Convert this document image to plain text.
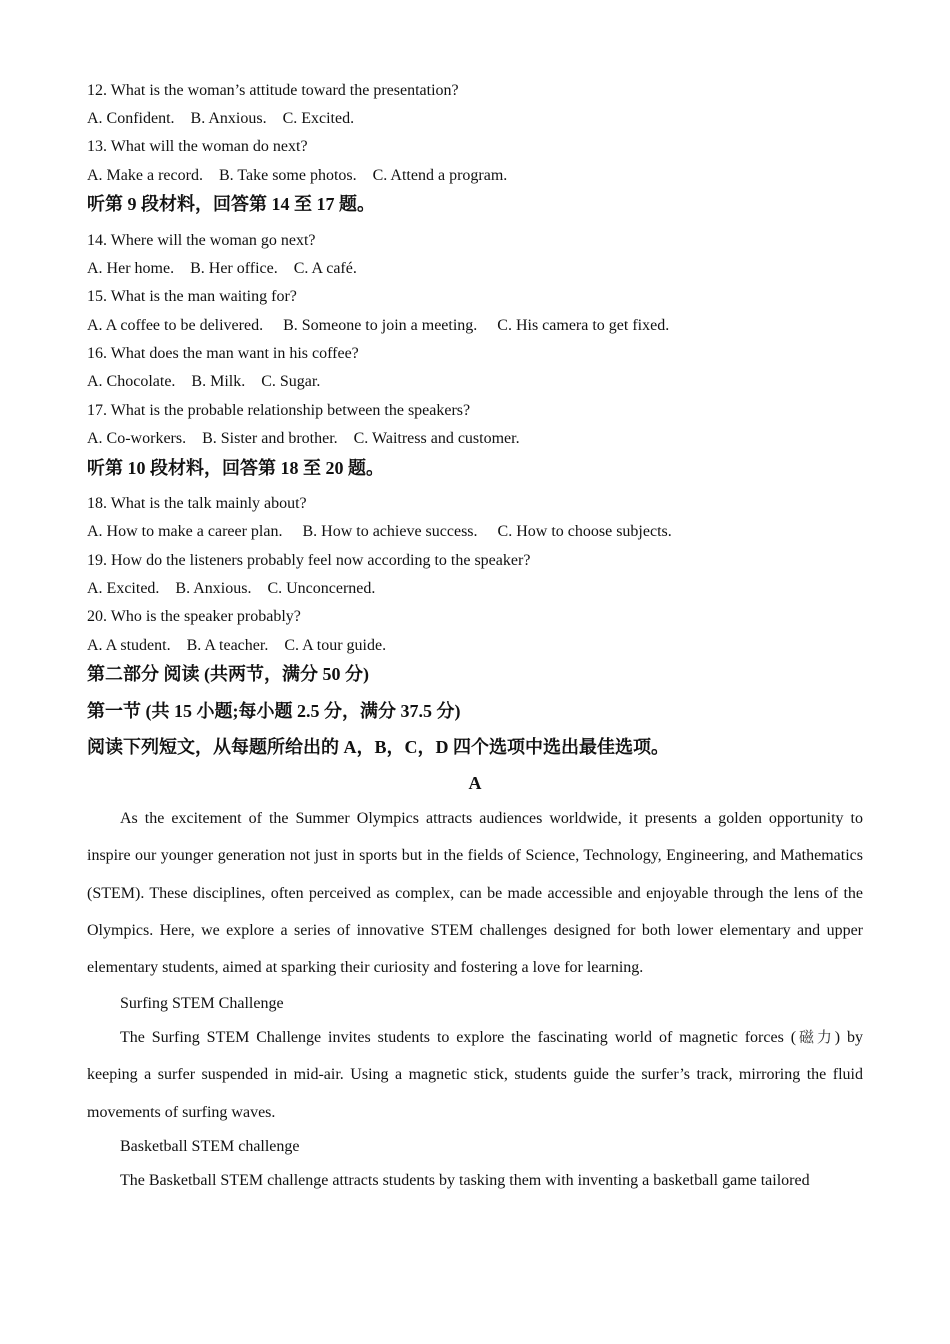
12. What is the woman’s attitude toward the presentation?
A. Confident.    B. Anxious.    C. Excited.
13. What will the woman do next?
A. Make a record.    B. Take some photos.    C. Attend a program.
听第 9 段材料，回答第 14 至 17 题。
14. Where will the woman go next?
A. Her home.    B. Her office.    C. A café.
15. What is the man waiting for?
A. A coffee to be delivered.     B. Someone to join a meeting.     C. His camera to get fixed.
16. What does the man want in his coffee?
A. Chocolate.    B. Milk.    C. Sugar.
17. What is the probable relationship between the speakers?
A. Co-workers.    B. Sister and brother.    C. Waitress and customer.
听第 10 段材料，回答第 18 至 20 题。
18. What is the talk mainly about?
A. How to make a career plan.     B. How to achieve success.     C. How to choose subjects.
19. How do the listeners probably feel now according to the speaker?
A. Excited.    B. Anxious.    C. Unconcerned.
20. Who is the speaker probably?
A. A student.    B. A teacher.    C. A tour guide.
第二部分 阅读 (共两节，满分 50 分)
第一节 (共 15 小题;每小题 2.5 分，满分 37.5 分)
阅读下列短文，从每题所给出的 A，B，C，D 四个选项中选出最佳选项。
A

As the excitement of the Summer Olympics attracts audiences worldwide, it presents a golden opportunity to inspire our younger generation not just in sports but in the fields of Science, Technology, Engineering, and Mathematics (STEM). These disciplines, often perceived as complex, can be made accessible and enjoyable through the lens of the Olympics. Here, we explore a series of innovative STEM challenges designed for both lower elementary and upper elementary students, aimed at sparking their curiosity and fostering a love for learning.

Surfing STEM Challenge

The Surfing STEM Challenge invites students to explore the fascinating world of magnetic forces (磁力) by keeping a surfer suspended in mid-air. Using a magnetic stick, students guide the surfer’s track, mirroring the fluid movements of surfing waves.

Basketball STEM challenge

The Basketball STEM challenge attracts students by tasking them with inventing a basketball game tailored
